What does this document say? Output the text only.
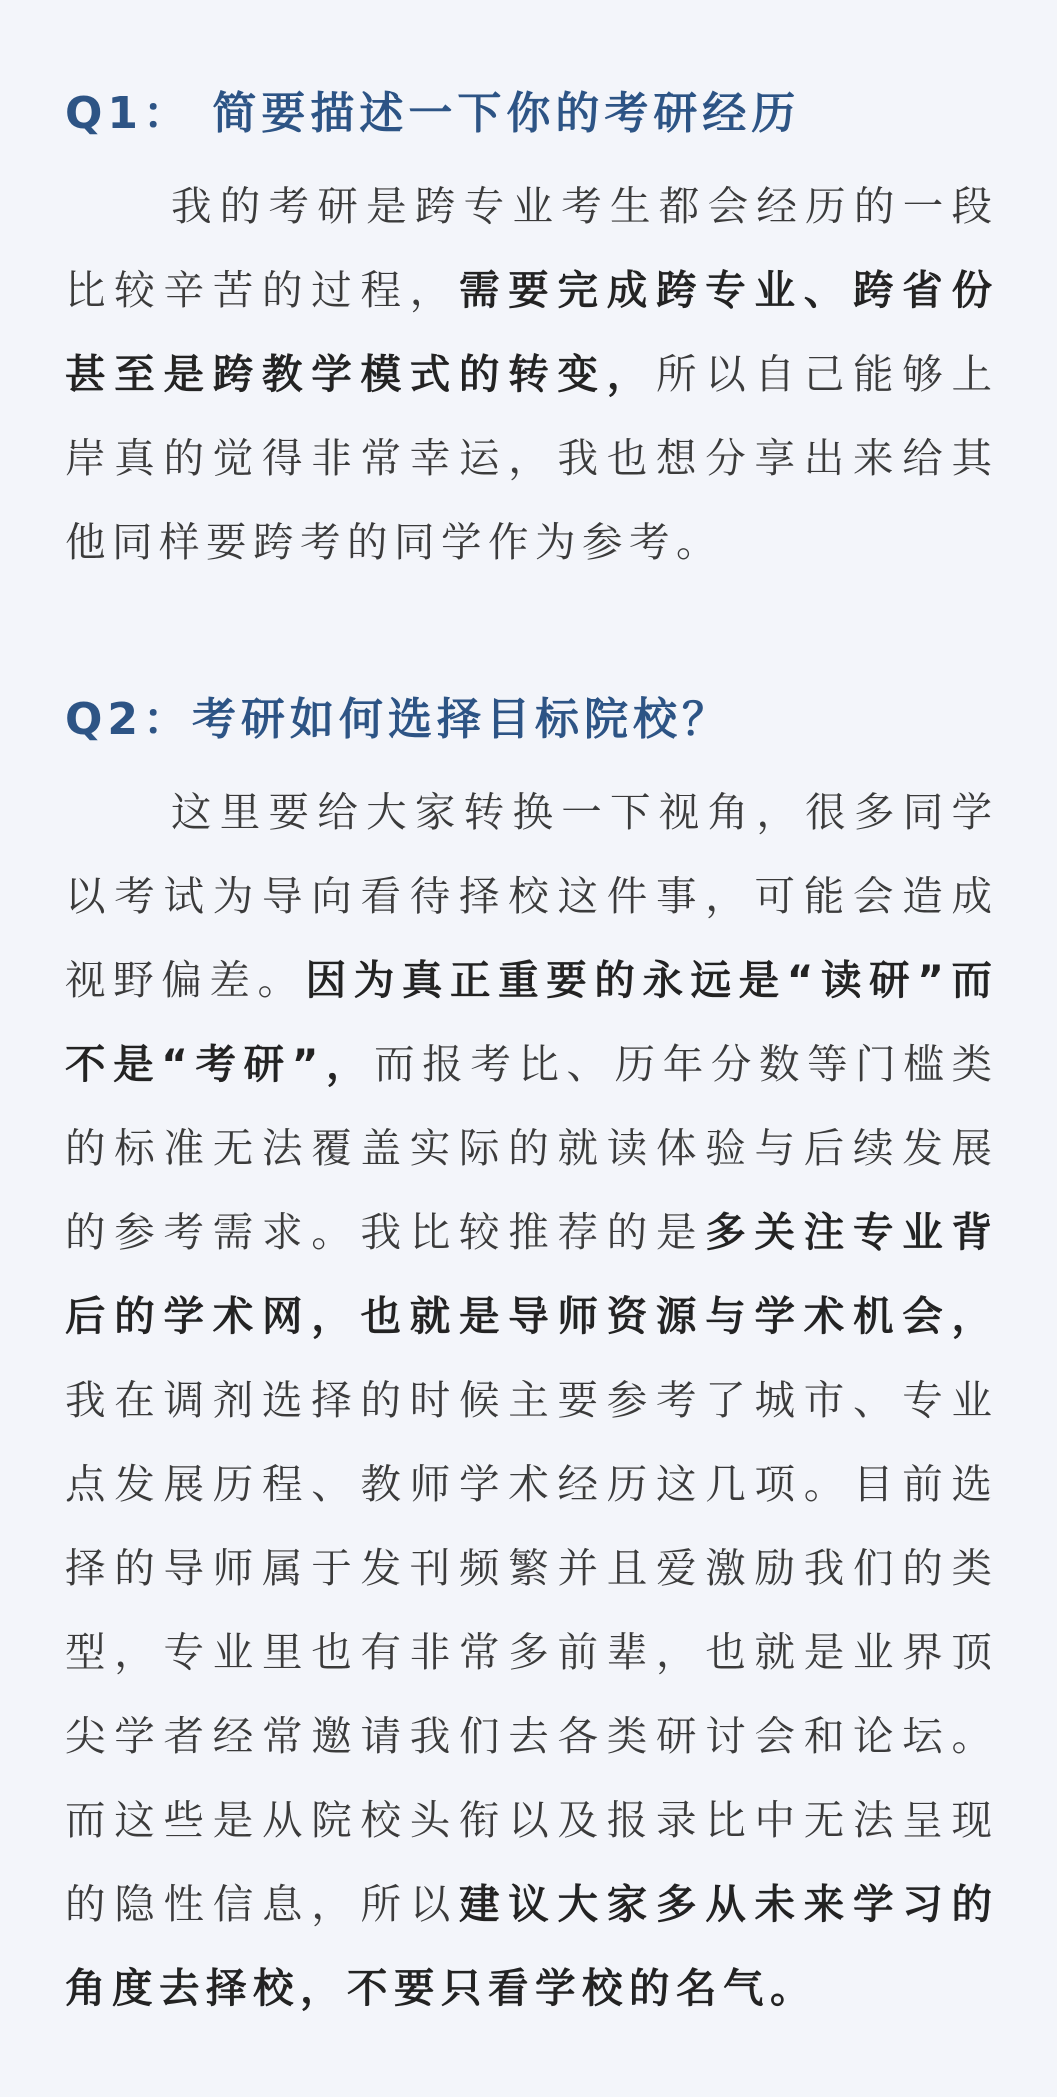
Q1： 简要描述一下你的考研经历
我的考研是跨专业考生都会经历的一段
比较辛苦的过程，需要完成跨专业、跨省份
甚至是跨教学模式的转变，所以自己能够上
岸真的觉得非常幸运，我也想分享出来给其
他同样要跨考的同学作为参考。
Q2：考研如何选择目标院校？
这里要给大家转换一下视角，很多同学
以考试为导向看待择校这件事，可能会造成
视野偏差。因为真正重要的永远是“读研”而
不是“考研”，而报考比、历年分数等门槛类
的标准无法覆盖实际的就读体验与后续发展
的参考需求。我比较推荐的是多关注专业背
后的学术网，也就是导师资源与学术机会，
我在调剂选择的时候主要参考了城市、专业
点发展历程、教师学术经历这几项。目前选
择的导师属于发刊频繁并且爱激励我们的类
型，专业里也有非常多前辈，也就是业界顶
尖学者经常邀请我们去各类研讨会和论坛。
而这些是从院校头衔以及报录比中无法呈现
的隐性信息，所以建议大家多从未来学习的
角度去择校，不要只看学校的名气。
